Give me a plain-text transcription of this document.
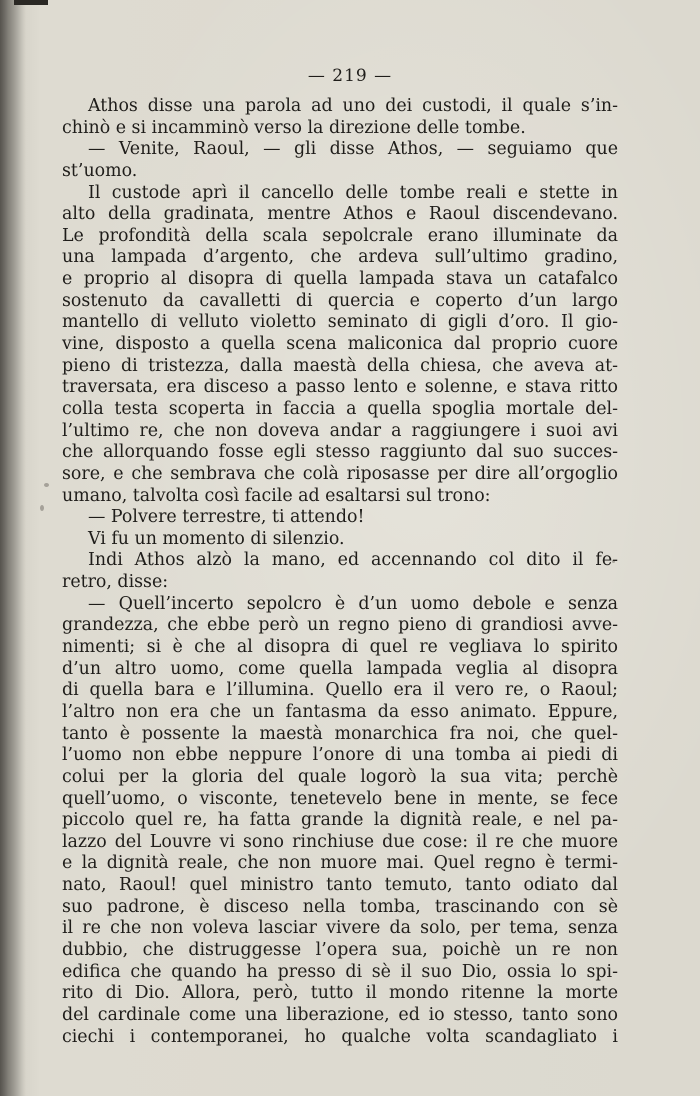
— 219 —
Athos disse una parola ad uno dei custodi, il quale s’in-
chinò e si incamminò verso la direzione delle tombe.
— Venite, Raoul, — gli disse Athos, — seguiamo que
st’uomo.
Il custode aprì il cancello delle tombe reali e stette in
alto della gradinata, mentre Athos e Raoul discendevano.
Le profondità della scala sepolcrale erano illuminate da
una lampada d’argento, che ardeva sull’ultimo gradino,
e proprio al disopra di quella lampada stava un catafalco
sostenuto da cavalletti di quercia e coperto d’un largo
mantello di velluto violetto seminato di gigli d’oro. Il gio-
vine, disposto a quella scena maliconica dal proprio cuore
pieno di tristezza, dalla maestà della chiesa, che aveva at-
traversata, era disceso a passo lento e solenne, e stava ritto
colla testa scoperta in faccia a quella spoglia mortale del-
l’ultimo re, che non doveva andar a raggiungere i suoi avi
che allorquando fosse egli stesso raggiunto dal suo succes-
sore, e che sembrava che colà riposasse per dire all’orgoglio
umano, talvolta così facile ad esaltarsi sul trono:
— Polvere terrestre, ti attendo!
Vi fu un momento di silenzio.
Indi Athos alzò la mano, ed accennando col dito il fe-
retro, disse:
— Quell’incerto sepolcro è d’un uomo debole e senza
grandezza, che ebbe però un regno pieno di grandiosi avve-
nimenti; si è che al disopra di quel re vegliava lo spirito
d’un altro uomo, come quella lampada veglia al disopra
di quella bara e l’illumina. Quello era il vero re, o Raoul;
l’altro non era che un fantasma da esso animato. Eppure,
tanto è possente la maestà monarchica fra noi, che quel-
l’uomo non ebbe neppure l’onore di una tomba ai piedi di
colui per la gloria del quale logorò la sua vita; perchè
quell’uomo, o visconte, tenetevelo bene in mente, se fece
piccolo quel re, ha fatta grande la dignità reale, e nel pa-
lazzo del Louvre vi sono rinchiuse due cose: il re che muore
e la dignità reale, che non muore mai. Quel regno è termi-
nato, Raoul! quel ministro tanto temuto, tanto odiato dal
suo padrone, è disceso nella tomba, trascinando con sè
il re che non voleva lasciar vivere da solo, per tema, senza
dubbio, che distruggesse l’opera sua, poichè un re non
edifica che quando ha presso di sè il suo Dio, ossia lo spi-
rito di Dio. Allora, però, tutto il mondo ritenne la morte
del cardinale come una liberazione, ed io stesso, tanto sono
ciechi i contemporanei, ho qualche volta scandagliato i
